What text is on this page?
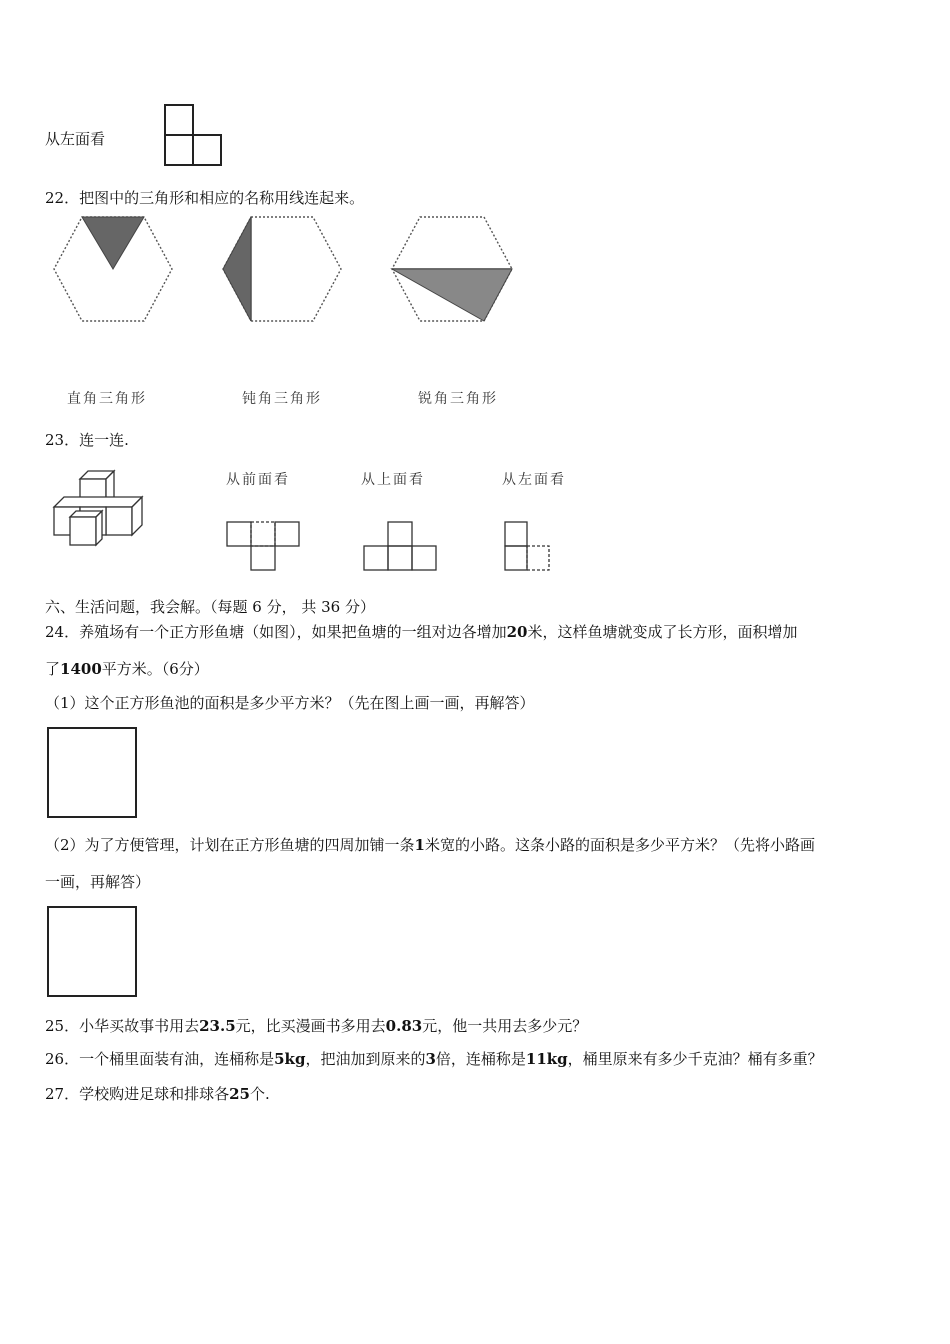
从左面看
22．把图中的三角形和相应的名称用线连起来。
直角三角形	钝角三角形	锐角三角形
23．连一连.
从前面看	从上面看	从左面看
六、生活问题，我会解。（每题 6 分， 共 36 分）
24．养殖场有一个正方形鱼塘（如图），如果把鱼塘的一组对边各增加20米，这样鱼塘就变成了长方形，面积增加
了1400平方米。（6分）
（1）这个正方形鱼池的面积是多少平方米？（先在图上画一画，再解答）
（2）为了方便管理，计划在正方形鱼塘的四周加铺一条1米宽的小路。这条小路的面积是多少平方米？（先将小路画
一画，再解答）
25．小华买故事书用去23.5元，比买漫画书多用去0.83元，他一共用去多少元？
26．一个桶里面装有油，连桶称是5kg，把油加到原来的3倍，连桶称是11kg，桶里原来有多少千克油？桶有多重？
27．学校购进足球和排球各25个.
